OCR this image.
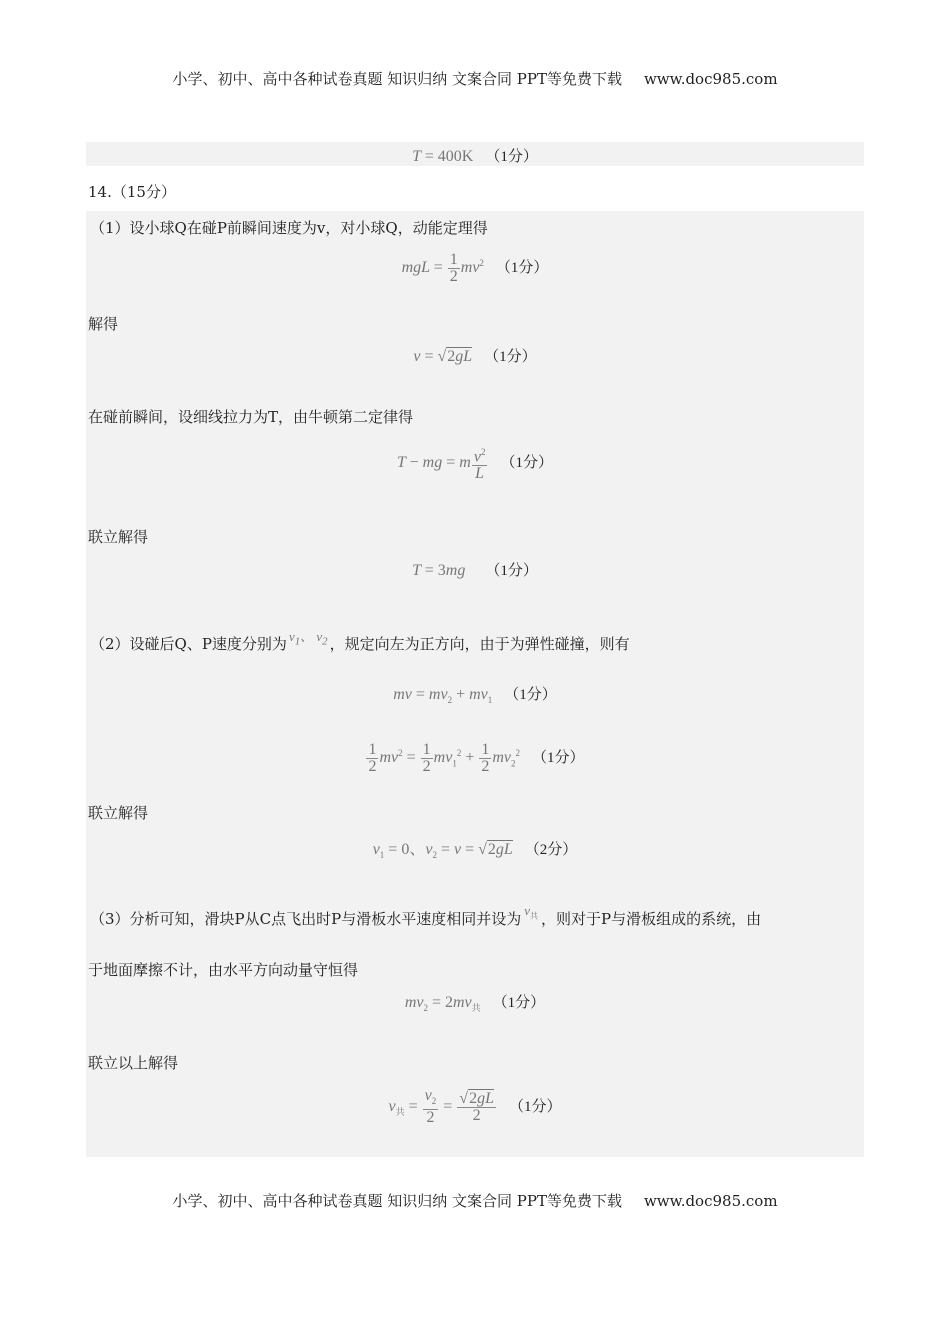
小学、初中、高中各种试卷真题 知识归纳 文案合同 PPT等免费下载 www.doc985.com
T = 400K （1分）
14.（15分）
（1）设小球Q在碰P前瞬间速度为v，对小球Q，动能定理得
mgL = $\frac{1}{2} mv^2$ （1分）
解得
v = √2gL （1分）
在碰前瞬间，设细线拉力为T，由牛顿第二定律得
T − mg = m $\frac{v^2}{L} (1$分）
联立解得
T = 3mg （1分）
（2）设碰后Q、P速度分别为 $v_1$、 $v_2$ ，规定向左为正方向，由于为弹性碰撞，则有
mv = $mv_2 + mv_1$ （1分）
$\frac{1}{2} mv^2 = \frac{1}{2} mv_1^2 + \frac{1}{2} mv_2^2$ （1分）
联立解得
$v_1 = 0$、$v_2 = v = √2gL$ （2分）
（3）分析可知，滑块P从C点飞出时P与滑板水平速度相同并设为 $v_共$ ，则对于P与滑板组成的系统，由
于地面摩擦不计，由水平方向动量守恒得
$mv_2 = 2mv_共$ （1分）
联立以上解得
$v_共 = \frac{v_2}{2} = \frac{√2gL}{2} (1$分）
小学、初中、高中各种试卷真题 知识归纳 文案合同 PPT等免费下载 www.doc985.com
